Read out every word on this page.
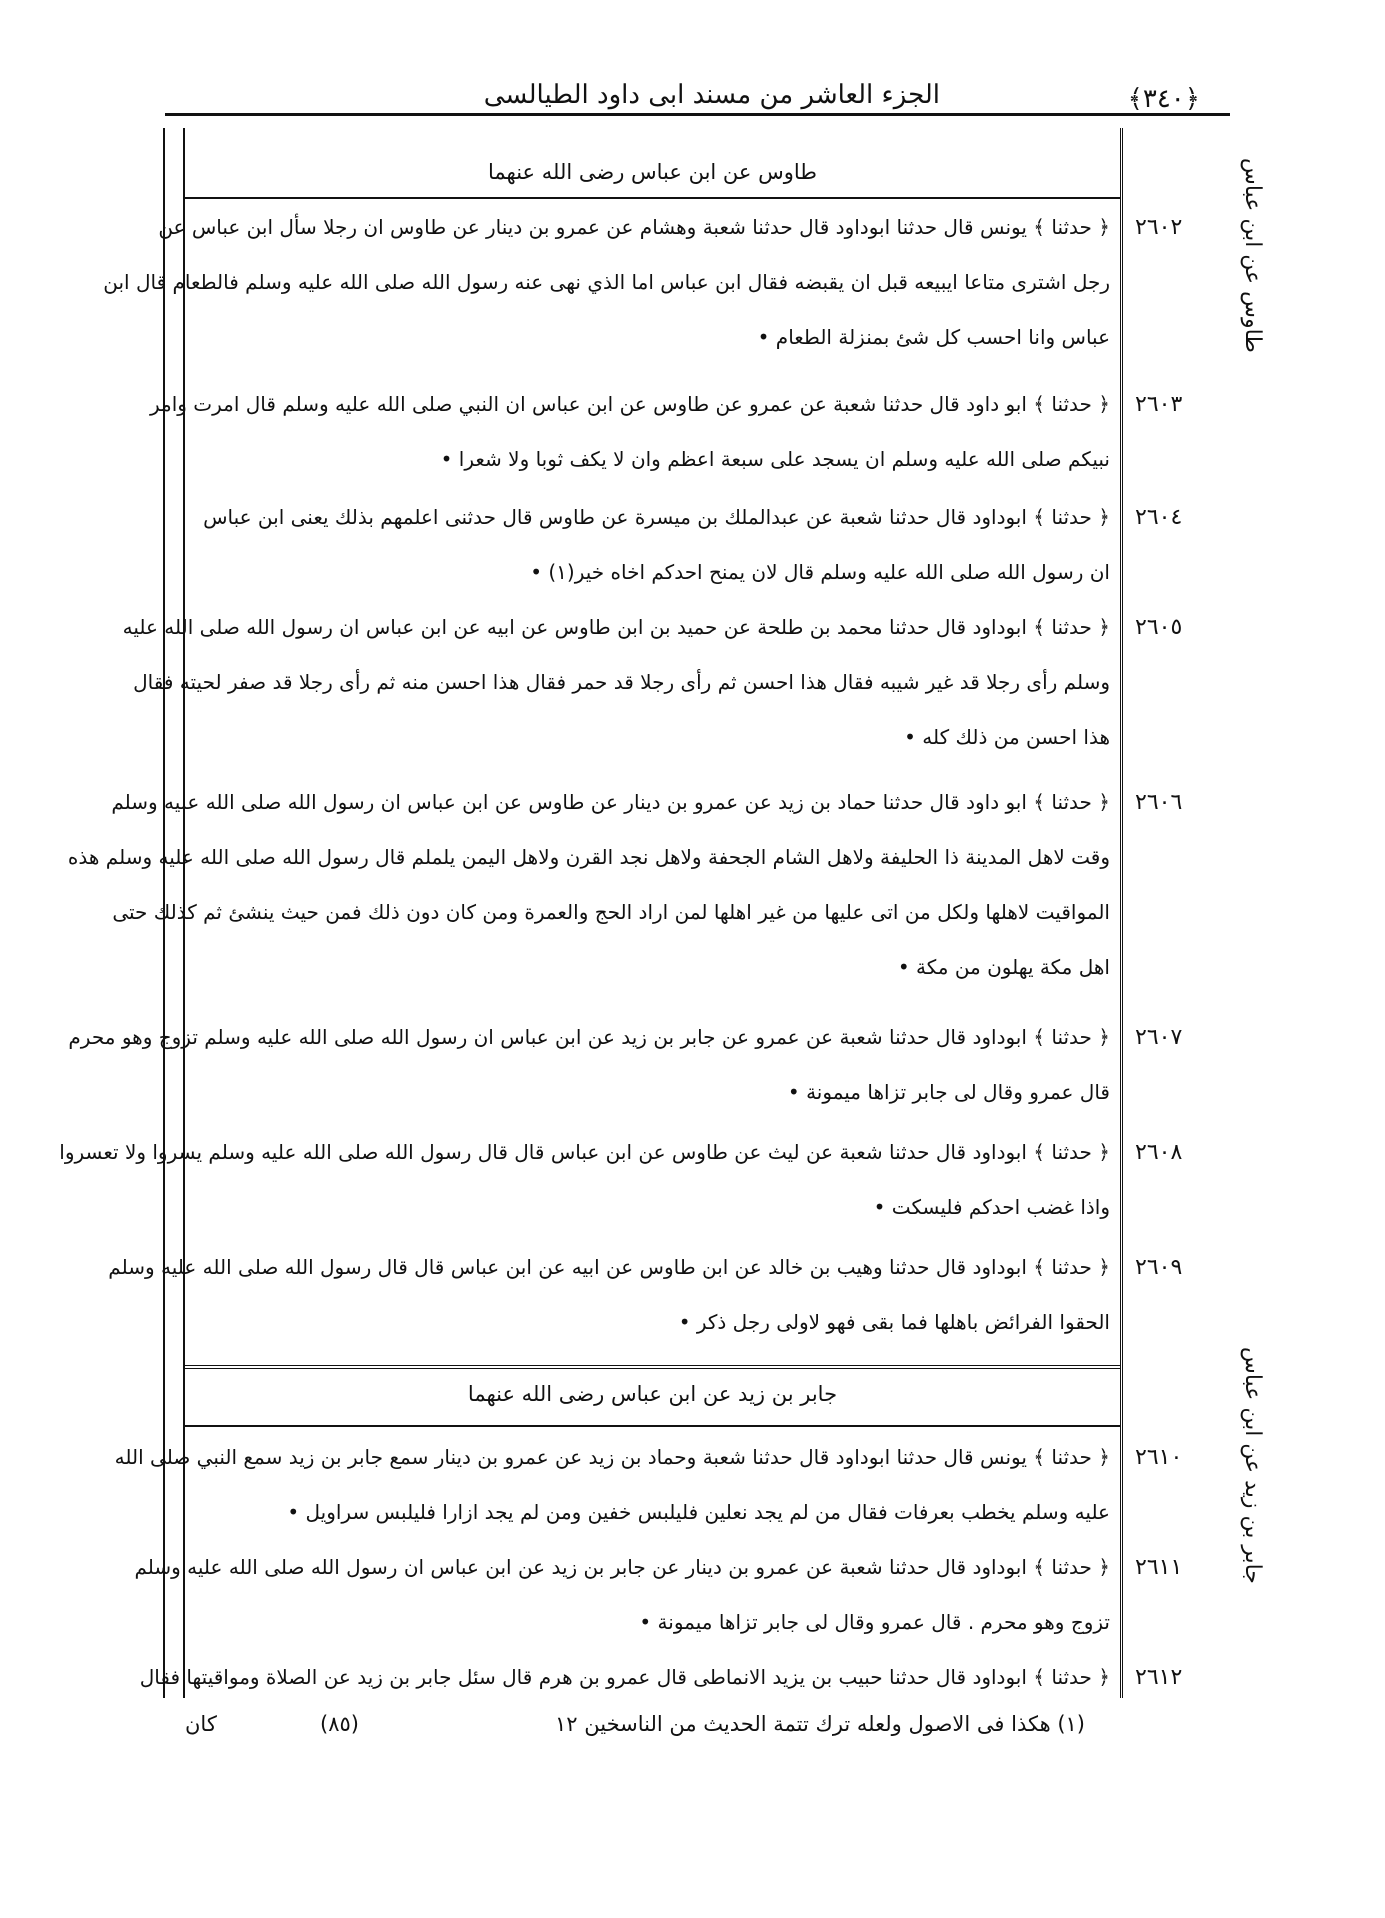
﴿٣٤٠﴾
الجزء العاشر من مسند ابى داود الطيالسى
طاوس عن ابن عباس
جابر بن زيد عن ابن عباس
طاوس عن ابن عباس رضى الله عنهما
٢٦٠٢
﴿ حدثنا ﴾ يونس قال حدثنا ابوداود قال حدثنا شعبة وهشام عن عمرو بن دينار عن طاوس ان رجلا سأل ابن عباس عن
رجل اشترى متاعا ايبيعه قبل ان يقبضه فقال ابن عباس اما الذي نهى عنه رسول الله صلى الله عليه وسلم فالطعام قال ابن
عباس وانا احسب كل شئ بمنزلة الطعام •
٢٦٠٣
﴿ حدثنا ﴾ ابو داود قال حدثنا شعبة عن عمرو عن طاوس عن ابن عباس ان النبي صلى الله عليه وسلم قال امرت وامر
نبيكم صلى الله عليه وسلم ان يسجد على سبعة اعظم وان لا يكف ثوبا ولا شعرا •
٢٦٠٤
﴿ حدثنا ﴾ ابوداود قال حدثنا شعبة عن عبدالملك بن ميسرة عن طاوس قال حدثنى اعلمهم بذلك يعنى ابن عباس
ان رسول الله صلى الله عليه وسلم قال لان يمنح احدكم اخاه خير(١) •
٢٦٠٥
﴿ حدثنا ﴾ ابوداود قال حدثنا محمد بن طلحة عن حميد بن ابن طاوس عن ابيه عن ابن عباس ان رسول الله صلى الله عليه
وسلم رأى رجلا قد غير شيبه فقال هذا احسن ثم رأى رجلا قد حمر فقال هذا احسن منه ثم رأى رجلا قد صفر لحيته فقال
هذا احسن من ذلك كله •
٢٦٠٦
﴿ حدثنا ﴾ ابو داود قال حدثنا حماد بن زيد عن عمرو بن دينار عن طاوس عن ابن عباس ان رسول الله صلى الله عليه وسلم
وقت لاهل المدينة ذا الحليفة ولاهل الشام الجحفة ولاهل نجد القرن ولاهل اليمن يلملم قال رسول الله صلى الله عليه وسلم هذه
المواقيت لاهلها ولكل من اتى عليها من غير اهلها لمن اراد الحج والعمرة ومن كان دون ذلك فمن حيث ينشئ ثم كذلك حتى
اهل مكة يهلون من مكة •
٢٦٠٧
﴿ حدثنا ﴾ ابوداود قال حدثنا شعبة عن عمرو عن جابر بن زيد عن ابن عباس ان رسول الله صلى الله عليه وسلم تزوج وهو محرم
قال عمرو وقال لى جابر تزاها ميمونة •
٢٦٠٨
﴿ حدثنا ﴾ ابوداود قال حدثنا شعبة عن ليث عن طاوس عن ابن عباس قال قال رسول الله صلى الله عليه وسلم يسروا ولا تعسروا
واذا غضب احدكم فليسكت •
٢٦٠٩
﴿ حدثنا ﴾ ابوداود قال حدثنا وهيب بن خالد عن ابن طاوس عن ابيه عن ابن عباس قال قال رسول الله صلى الله عليه وسلم
الحقوا الفرائض باهلها فما بقى فهو لاولى رجل ذكر •
٢٦١٠
﴿ حدثنا ﴾ يونس قال حدثنا ابوداود قال حدثنا شعبة وحماد بن زيد عن عمرو بن دينار سمع جابر بن زيد سمع النبي صلى الله
عليه وسلم يخطب بعرفات فقال من لم يجد نعلين فليلبس خفين ومن لم يجد ازارا فليلبس سراويل •
٢٦١١
﴿ حدثنا ﴾ ابوداود قال حدثنا شعبة عن عمرو بن دينار عن جابر بن زيد عن ابن عباس ان رسول الله صلى الله عليه وسلم
تزوج وهو محرم . قال عمرو وقال لى جابر تزاها ميمونة •
٢٦١٢
﴿ حدثنا ﴾ ابوداود قال حدثنا حبيب بن يزيد الانماطى قال عمرو بن هرم قال سئل جابر بن زيد عن الصلاة ومواقيتها فقال
جابر بن زيد عن ابن عباس رضى الله عنهما
(١) هكذا فى الاصول ولعله ترك تتمة الحديث من الناسخين ١٢
(٨٥)
كان
